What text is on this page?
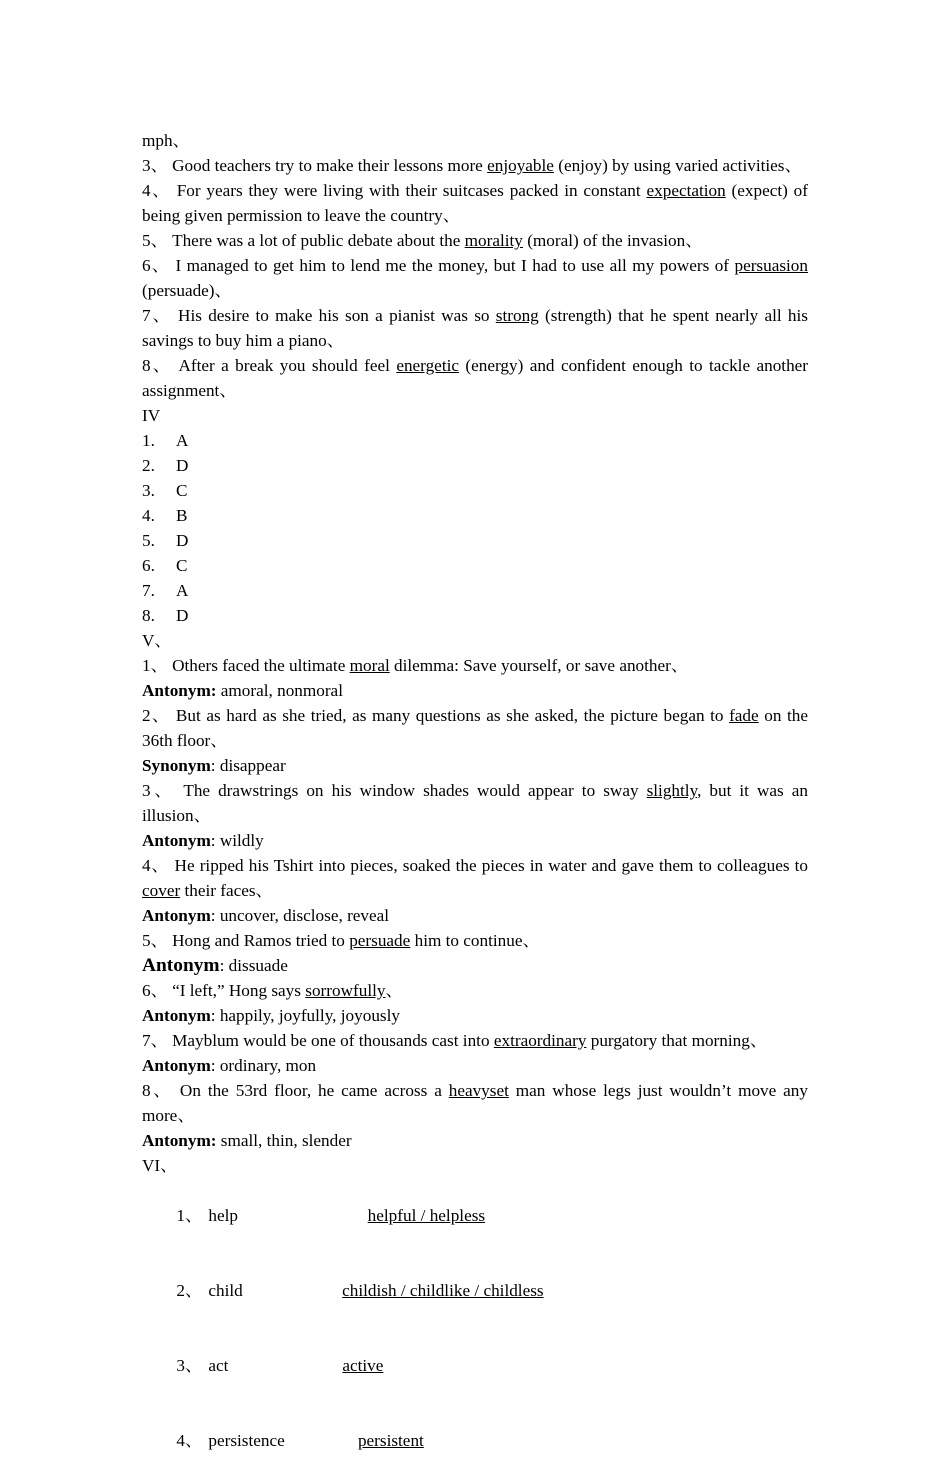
mph、

3、 Good teachers try to make their lessons more enjoyable (enjoy) by using varied activities、

4、 For years they were living with their suitcases packed in constant expectation (expect) of being given permission to leave the country、

5、 There was a lot of public debate about the morality (moral) of the invasion、

6、 I managed to get him to lend me the money, but I had to use all my powers of persuasion (persuade)、

7、 His desire to make his son a pianist was so strong (strength) that he spent nearly all his savings to buy him a piano、

8、 After a break you should feel energetic (energy) and confident enough to tackle another assignment、

IV

1. A
2. D
3. C
4. B
5. D
6. C
7. A
8. D

V、

1、 Others faced the ultimate moral dilemma: Save yourself, or save another、

Antonym: amoral, nonmoral

2、 But as hard as she tried, as many questions as she asked, the picture began to fade on the 36th floor、

Synonym: disappear

3、 The drawstrings on his window shades would appear to sway slightly, but it was an illusion、

Antonym: wildly

4、 He ripped his Tshirt into pieces, soaked the pieces in water and gave them to colleagues to cover their faces、

Antonym: uncover, disclose, reveal

5、 Hong and Ramos tried to persuade him to continue、

Antonym: dissuade

6、 “I left,” Hong says sorrowfully、

Antonym: happily, joyfully, joyously

7、 Mayblum would be one of thousands cast into extraordinary purgatory that morning、

Antonym: ordinary, mon

8、 On the 53rd floor, he came across a heavyset man whose legs just wouldn’t move any more、

Antonym: small, thin, slender

VI、

1、 help	helpful / helpless

2、 child	childish / childlike / childless

3、 act	active

4、 persistence	persistent
